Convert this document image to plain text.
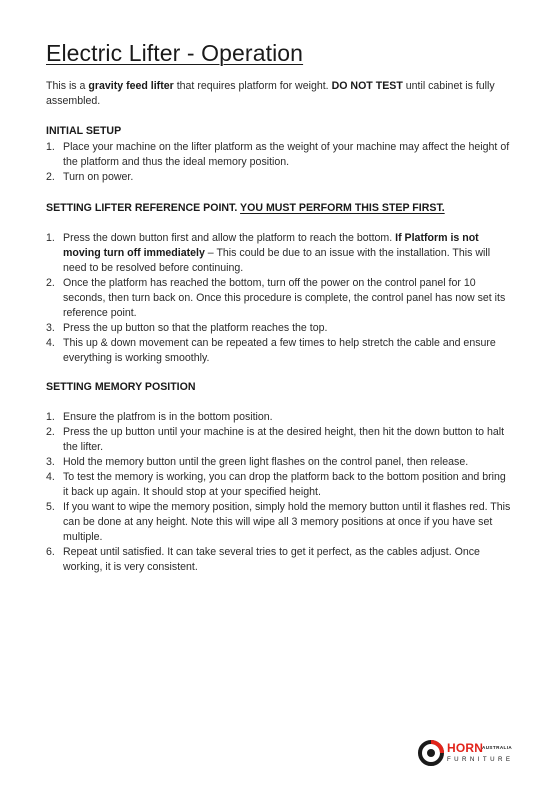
Electric Lifter - Operation

This is a gravity feed lifter that requires platform for weight. DO NOT TEST until cabinet is fully assembled.

INITIAL SETUP

1. Place your machine on the lifter platform as the weight of your machine may affect the height of the platform and thus the ideal memory position.
2. Turn on power.

SETTING LIFTER REFERENCE POINT. YOU MUST PERFORM THIS STEP FIRST.

1. Press the down button first and allow the platform to reach the bottom. If Platform is not moving turn off immediately – This could be due to an issue with the installation. This will need to be resolved before continuing.
2. Once the platform has reached the bottom, turn off the power on the control panel for 10 seconds, then turn back on. Once this procedure is complete, the control panel has now set its reference point.
3. Press the up button so that the platform reaches the top.
4. This up & down movement can be repeated a few times to help stretch the cable and ensure everything is working smoothly.

SETTING MEMORY POSITION

1. Ensure the platfrom is in the bottom position.
2. Press the up button until your machine is at the desired height, then hit the down button to halt the lifter.
3. Hold the memory button until the green light flashes on the control panel, then release.
4. To test the memory is working, you can drop the platform back to the bottom position and bring it back up again. It should stop at your specified height.
5. If you want to wipe the memory position, simply hold the memory button until it flashes red. This can be done at any height. Note this will wipe all 3 memory positions at once if you have set multiple.
6. Repeat until satisfied. It can take several tries to get it perfect, as the cables adjust. Once working, it is very consistent.
HORN
AUSTRALIA
FURNITURE
